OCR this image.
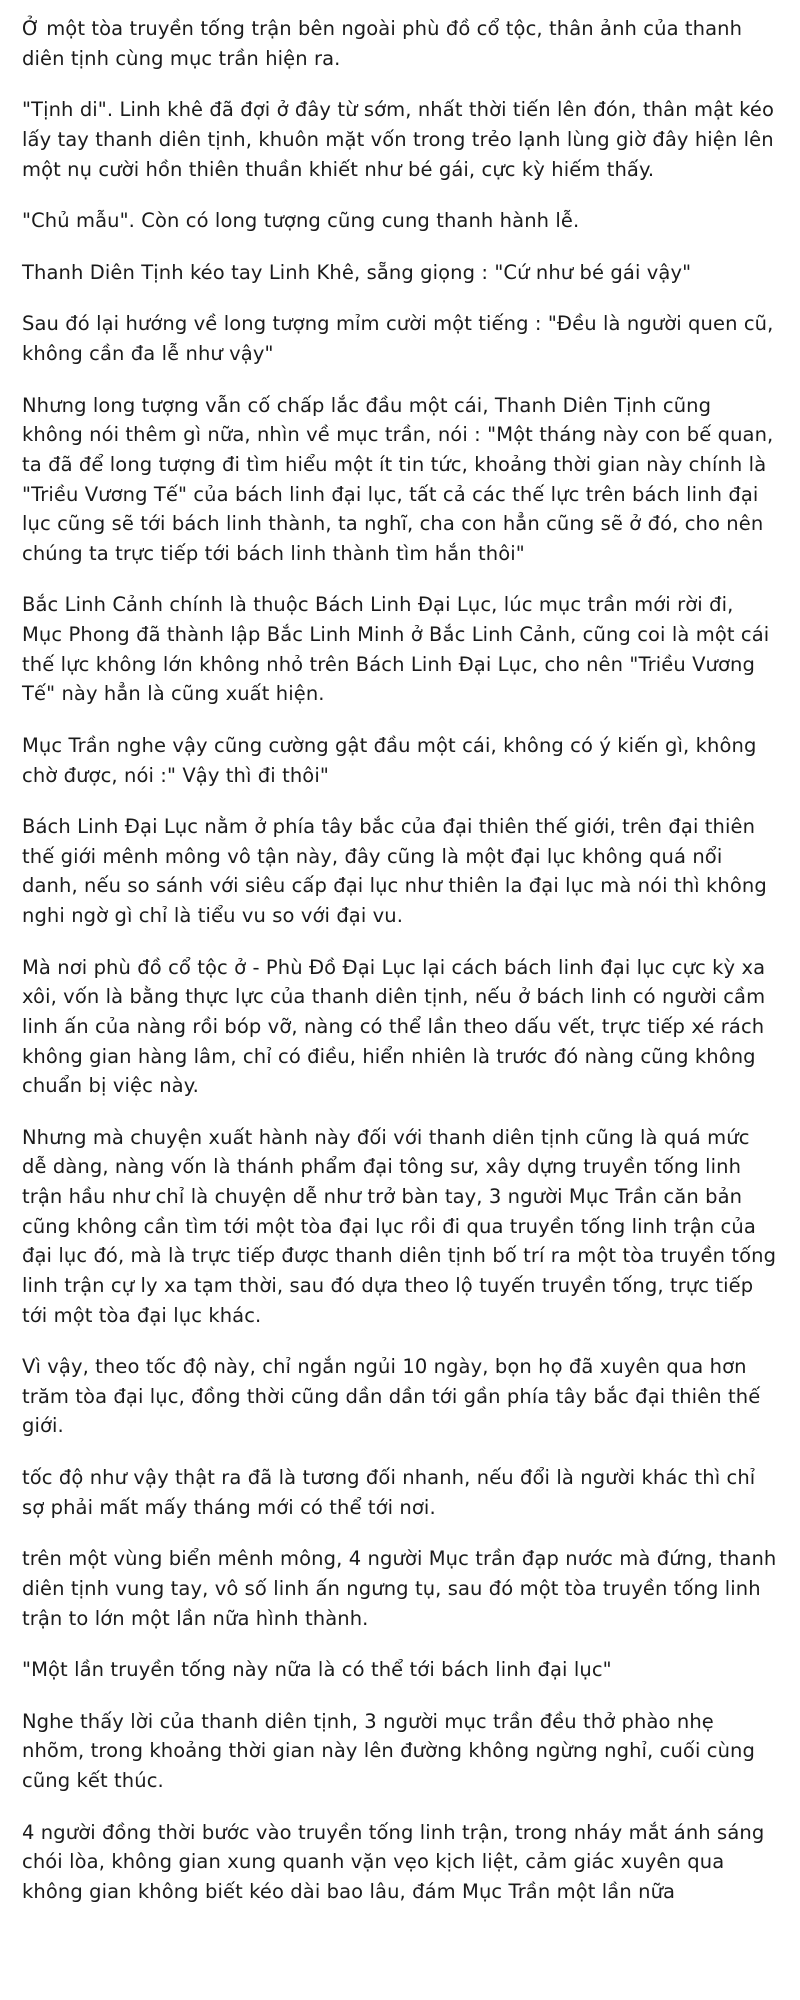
Ở một tòa truyền tống trận bên ngoài phù đồ cổ tộc, thân ảnh của thanh diên tịnh cùng mục trần hiện ra.

"Tịnh di". Linh khê đã đợi ở đây từ sớm, nhất thời tiến lên đón, thân mật kéo lấy tay thanh diên tịnh, khuôn mặt vốn trong trẻo lạnh lùng giờ đây hiện lên một nụ cười hồn thiên thuần khiết như bé gái, cực kỳ hiếm thấy.

"Chủ mẫu". Còn có long tượng cũng cung thanh hành lễ.

Thanh Diên Tịnh kéo tay Linh Khê, sẵng giọng : "Cứ như bé gái vậy"

Sau đó lại hướng về long tượng mỉm cười một tiếng : "Đều là người quen cũ, không cần đa lễ như vậy"

Nhưng long tượng vẫn cố chấp lắc đầu một cái, Thanh Diên Tịnh cũng không nói thêm gì nữa, nhìn về mục trần, nói : "Một tháng này con bế quan, ta đã để long tượng đi tìm hiểu một ít tin tức, khoảng thời gian này chính là "Triều Vương Tế" của bách linh đại lục, tất cả các thế lực trên bách linh đại lục cũng sẽ tới bách linh thành, ta nghĩ, cha con hẳn cũng sẽ ở đó, cho nên chúng ta trực tiếp tới bách linh thành tìm hắn thôi"

Bắc Linh Cảnh chính là thuộc Bách Linh Đại Lục, lúc mục trần mới rời đi, Mục Phong đã thành lập Bắc Linh Minh ở Bắc Linh Cảnh, cũng coi là một cái thế lực không lớn không nhỏ trên Bách Linh Đại Lục, cho nên "Triều Vương Tế" này hẳn là cũng xuất hiện.

Mục Trần nghe vậy cũng cường gật đầu một cái, không có ý kiến gì, không chờ được, nói :" Vậy thì đi thôi"

Bách Linh Đại Lục nằm ở phía tây bắc của đại thiên thế giới, trên đại thiên thế giới mênh mông vô tận này, đây cũng là một đại lục không quá nổi danh, nếu so sánh với siêu cấp đại lục như thiên la đại lục mà nói thì không nghi ngờ gì chỉ là tiểu vu so với đại vu.

Mà nơi phù đồ cổ tộc ở - Phù Đồ Đại Lục lại cách bách linh đại lục cực kỳ xa xôi, vốn là bằng thực lực của thanh diên tịnh, nếu ở bách linh có người cầm linh ấn của nàng rồi bóp vỡ, nàng có thể lần theo dấu vết, trực tiếp xé rách không gian hàng lâm, chỉ có điều, hiển nhiên là trước đó nàng cũng không chuẩn bị việc này.

Nhưng mà chuyện xuất hành này đối với thanh diên tịnh cũng là quá mức dễ dàng, nàng vốn là thánh phẩm đại tông sư, xây dựng truyền tống linh trận hầu như chỉ là chuyện dễ như trở bàn tay, 3 người Mục Trần căn bản cũng không cần tìm tới một tòa đại lục rồi đi qua truyền tống linh trận của đại lục đó, mà là trực tiếp được thanh diên tịnh bố trí ra một tòa truyền tống linh trận cự ly xa tạm thời, sau đó dựa theo lộ tuyến truyền tống, trực tiếp tới một tòa đại lục khác.

Vì vậy, theo tốc độ này, chỉ ngắn ngủi 10 ngày, bọn họ đã xuyên qua hơn trăm tòa đại lục, đồng thời cũng dần dần tới gần phía tây bắc đại thiên thế giới.

tốc độ như vậy thật ra đã là tương đối nhanh, nếu đổi là người khác thì chỉ sợ phải mất mấy tháng mới có thể tới nơi.

trên một vùng biển mênh mông, 4 người Mục trần đạp nước mà đứng, thanh diên tịnh vung tay, vô số linh ấn ngưng tụ, sau đó một tòa truyền tống linh trận to lớn một lần nữa hình thành.

"Một lần truyền tống này nữa là có thể tới bách linh đại lục"

Nghe thấy lời của thanh diên tịnh, 3 người mục trần đều thở phào nhẹ nhõm, trong khoảng thời gian này lên đường không ngừng nghỉ, cuối cùng cũng kết thúc.

4 người đồng thời bước vào truyền tống linh trận, trong nháy mắt ánh sáng chói lòa, không gian xung quanh vặn vẹo kịch liệt, cảm giác xuyên qua không gian không biết kéo dài bao lâu, đám Mục Trần một lần nữa
